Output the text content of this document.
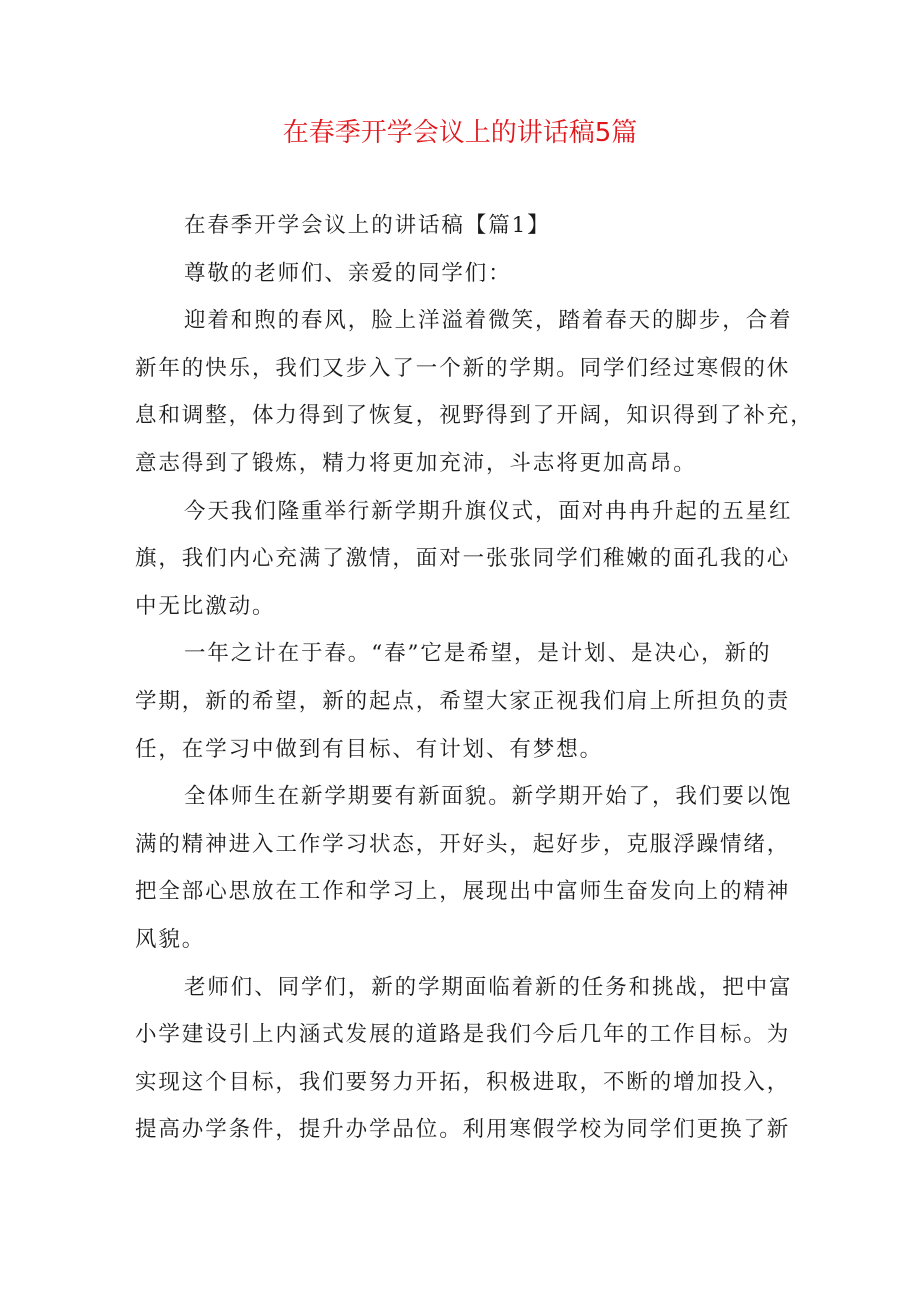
在春季开学会议上的讲话稿5篇
在春季开学会议上的讲话稿【篇1】
尊敬的老师们、亲爱的同学们：
迎着和煦的春风，脸上洋溢着微笑，踏着春天的脚步，合着
新年的快乐，我们又步入了一个新的学期。同学们经过寒假的休
息和调整，体力得到了恢复，视野得到了开阔，知识得到了补充，
意志得到了锻炼，精力将更加充沛，斗志将更加高昂。
今天我们隆重举行新学期升旗仪式，面对冉冉升起的五星红
旗，我们内心充满了激情，面对一张张同学们稚嫩的面孔我的心
中无比激动。
一年之计在于春。“春”它是希望，是计划、是决心，新的
学期，新的希望，新的起点，希望大家正视我们肩上所担负的责
任，在学习中做到有目标、有计划、有梦想。
全体师生在新学期要有新面貌。新学期开始了，我们要以饱
满的精神进入工作学习状态，开好头，起好步，克服浮躁情绪，
把全部心思放在工作和学习上，展现出中富师生奋发向上的精神
风貌。
老师们、同学们，新的学期面临着新的任务和挑战，把中富
小学建设引上内涵式发展的道路是我们今后几年的工作目标。为
实现这个目标，我们要努力开拓，积极进取，不断的增加投入，
提高办学条件，提升办学品位。利用寒假学校为同学们更换了新
